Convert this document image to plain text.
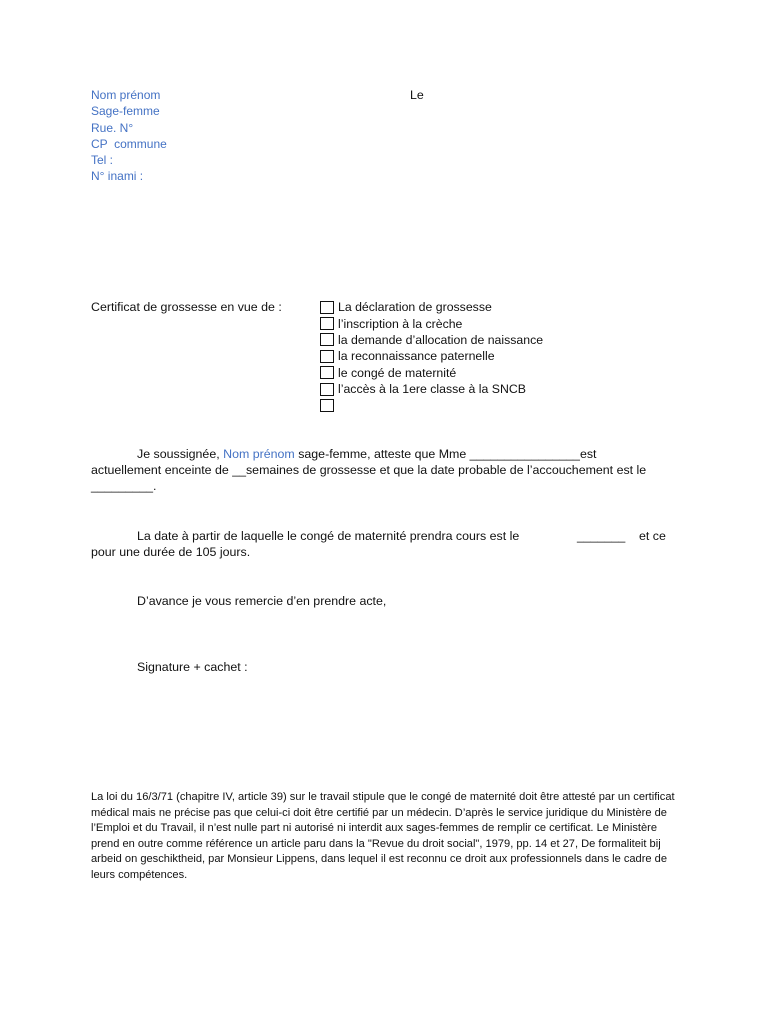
Nom prénom
Sage-femme
Rue. N°
CP  commune
Tel :
N° inami :
Le
Certificat de grossesse en vue de :	La déclaration de grossesse
l’inscription à la crèche
la demande d’allocation de naissance
la reconnaissance paternelle
le congé de maternité
l’accès à la 1ere classe à la SNCB

Je soussignée, Nom prénom sage-femme, atteste que Mme ________________est

actuellement enceinte de __semaines de grossesse et que la date probable de l’accouchement est le

_________.

La date à partir de laquelle le congé de maternité prendra cours est le	_______ et ce

pour une durée de 105 jours.

D’avance je vous remercie d’en prendre acte,
Signature + cachet :
La loi du 16/3/71 (chapitre IV, article 39) sur le travail stipule que le congé de maternité doit être attesté par un certificat médical mais ne précise pas que celui-ci doit être certifié par un médecin. D’après le service juridique du Ministère de l’Emploi et du Travail, il n’est nulle part ni autorisé ni interdit aux sages-femmes de remplir ce certificat. Le Ministère prend en outre comme référence un article paru dans la "Revue du droit social", 1979, pp. 14 et 27, De formaliteit bij arbeid on geschiktheid, par Monsieur Lippens, dans lequel il est reconnu ce droit aux professionnels dans le cadre de leurs compétences.
